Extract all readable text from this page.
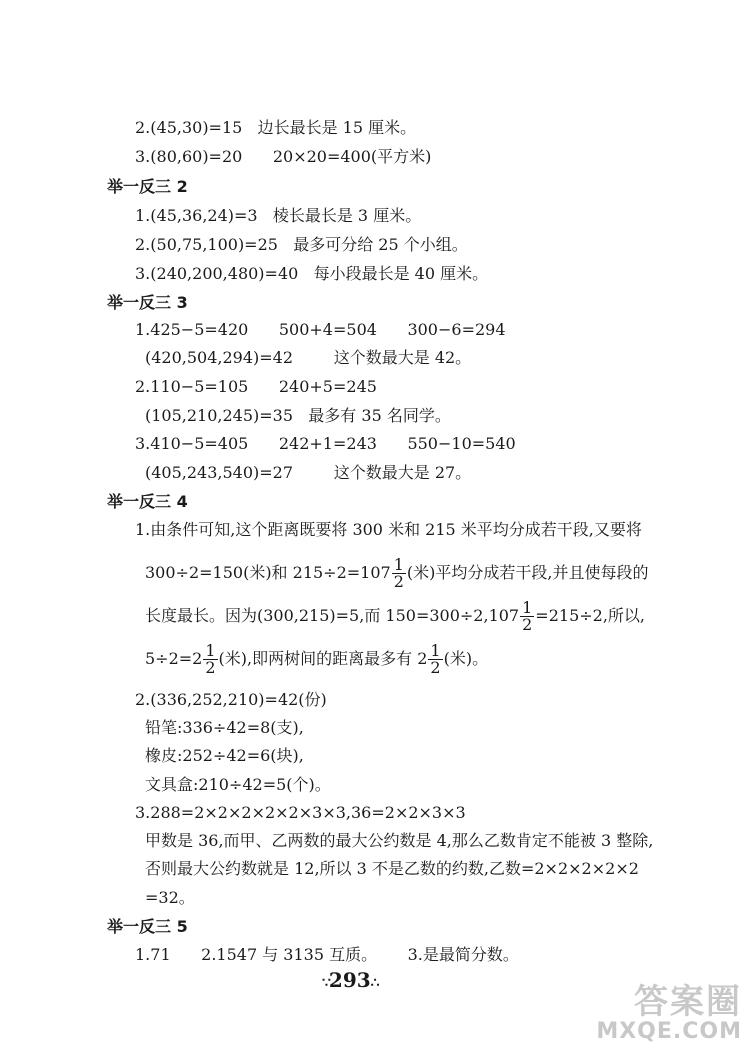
2.(45,30)=15   边长最长是 15 厘米。
3.(80,60)=20      20×20=400(平方米)
举一反三 2
1.(45,36,24)=3   棱长最长是 3 厘米。
2.(50,75,100)=25   最多可分给 25 个小组。
3.(240,200,480)=40   每小段最长是 40 厘米。
举一反三 3
1.425−5=420      500+4=504      300−6=294
(420,504,294)=42        这个数最大是 42。
2.110−5=105      240+5=245
(105,210,245)=35   最多有 35 名同学。
3.410−5=405      242+1=243      550−10=540
(405,243,540)=27        这个数最大是 27。
举一反三 4
1.由条件可知,这个距离既要将 300 米和 215 米平均分成若干段,又要将
300÷2=150(米)和 $215\div 2=107 \frac{1}{2}$ (米)平均分成若干段,并且使每段的
长度最长。因为(300,215)=5,而 $150=300\div 2,107 \frac{1}{2} =215\div 2$,所以,
$5\div 2=2 \frac{1}{2}$ (米),即两树间的距离最多有 $2 \frac{1}{2}$ (米)。
2.(336,252,210)=42(份)
铅笔:336÷42=8(支),
橡皮:252÷42=6(块),
文具盒:210÷42=5(个)。
3.288=2×2×2×2×2×3×3,36=2×2×3×3
甲数是 36,而甲、乙两数的最大公约数是 4,那么乙数肯定不能被 3 整除,
否则最大公约数就是 12,所以 3 不是乙数的约数,乙数=2×2×2×2×2
=32。
举一反三 5
1.71      2.1547 与 3135 互质。      3.是最简分数。
∵293∴	答案圈
MXQE.COM
